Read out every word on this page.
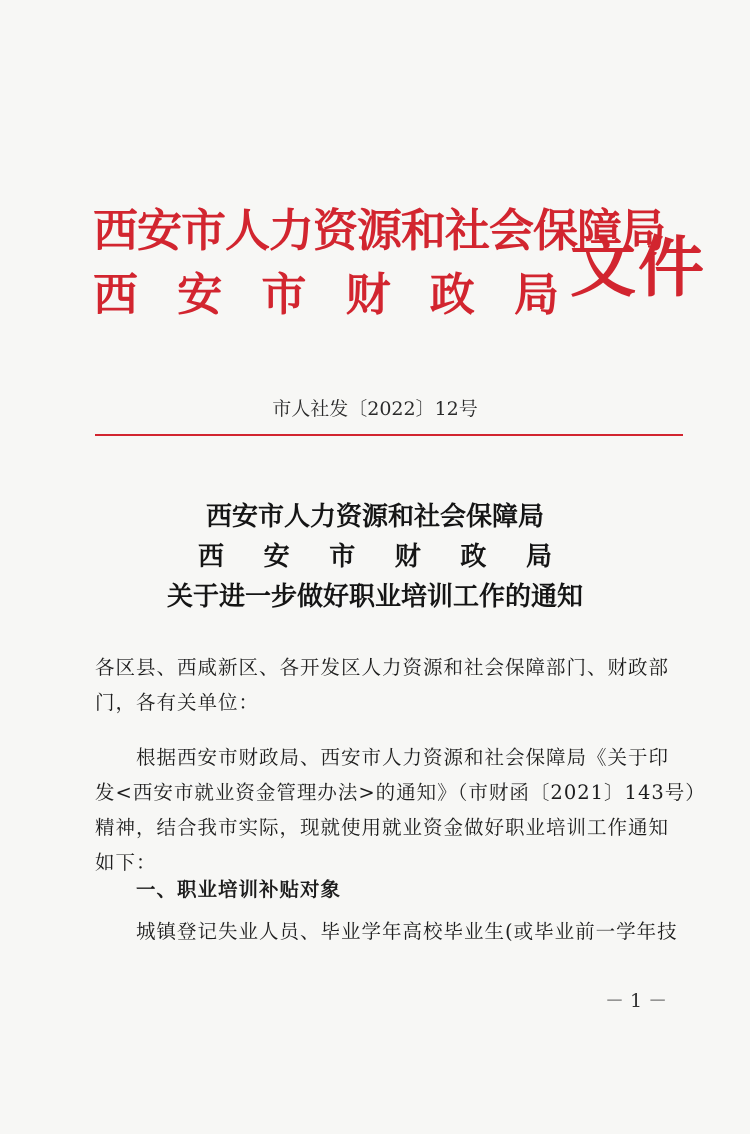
西安市人力资源和社会保障局
西 安 市 财 政 局 文件
市人社发〔2022〕12号
西安市人力资源和社会保障局
西 安 市 财 政 局
关于进一步做好职业培训工作的通知
各区县、西咸新区、各开发区人力资源和社会保障部门、财政部
门，各有关单位：
　　根据西安市财政局、西安市人力资源和社会保障局《关于印
发<西安市就业资金管理办法>的通知》（市财函〔2021〕143号）
精神，结合我市实际，现就使用就业资金做好职业培训工作通知
如下：
　　一、职业培训补贴对象
　　城镇登记失业人员、毕业学年高校毕业生(或毕业前一学年技
－ 1 －
